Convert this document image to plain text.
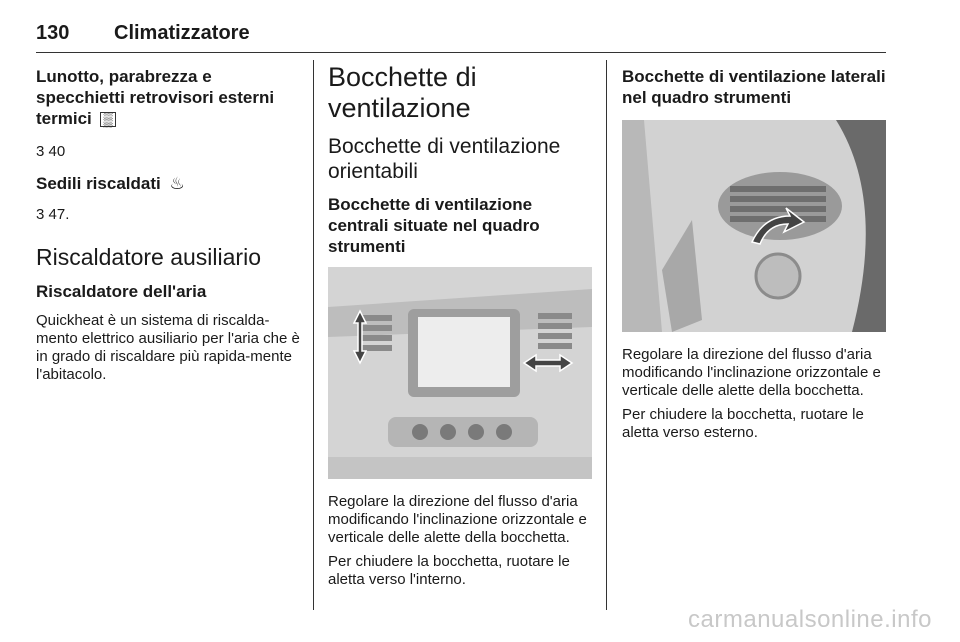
130 Climatizzatore

Lunotto, parabrezza e specchietti retrovisori esterni termici ▒

3 40

Sedili riscaldati ♨

3 47.

Riscaldatore ausiliario

Riscaldatore dell'aria

Quickheat è un sistema di riscalda-mento elettrico ausiliario per l'aria che è in grado di riscaldare più rapida-mente l'abitacolo.

Bocchette di ventilazione

Bocchette di ventilazione orientabili

Bocchette di ventilazione centrali situate nel quadro strumenti

Regolare la direzione del flusso d'aria modificando l'inclinazione orizzontale e verticale delle alette della bocchetta.

Per chiudere la bocchetta, ruotare le aletta verso l'interno.

Bocchette di ventilazione laterali nel quadro strumenti

Regolare la direzione del flusso d'aria modificando l'inclinazione orizzontale e verticale delle alette della bocchetta.

Per chiudere la bocchetta, ruotare le aletta verso esterno.

carmanualsonline.info
